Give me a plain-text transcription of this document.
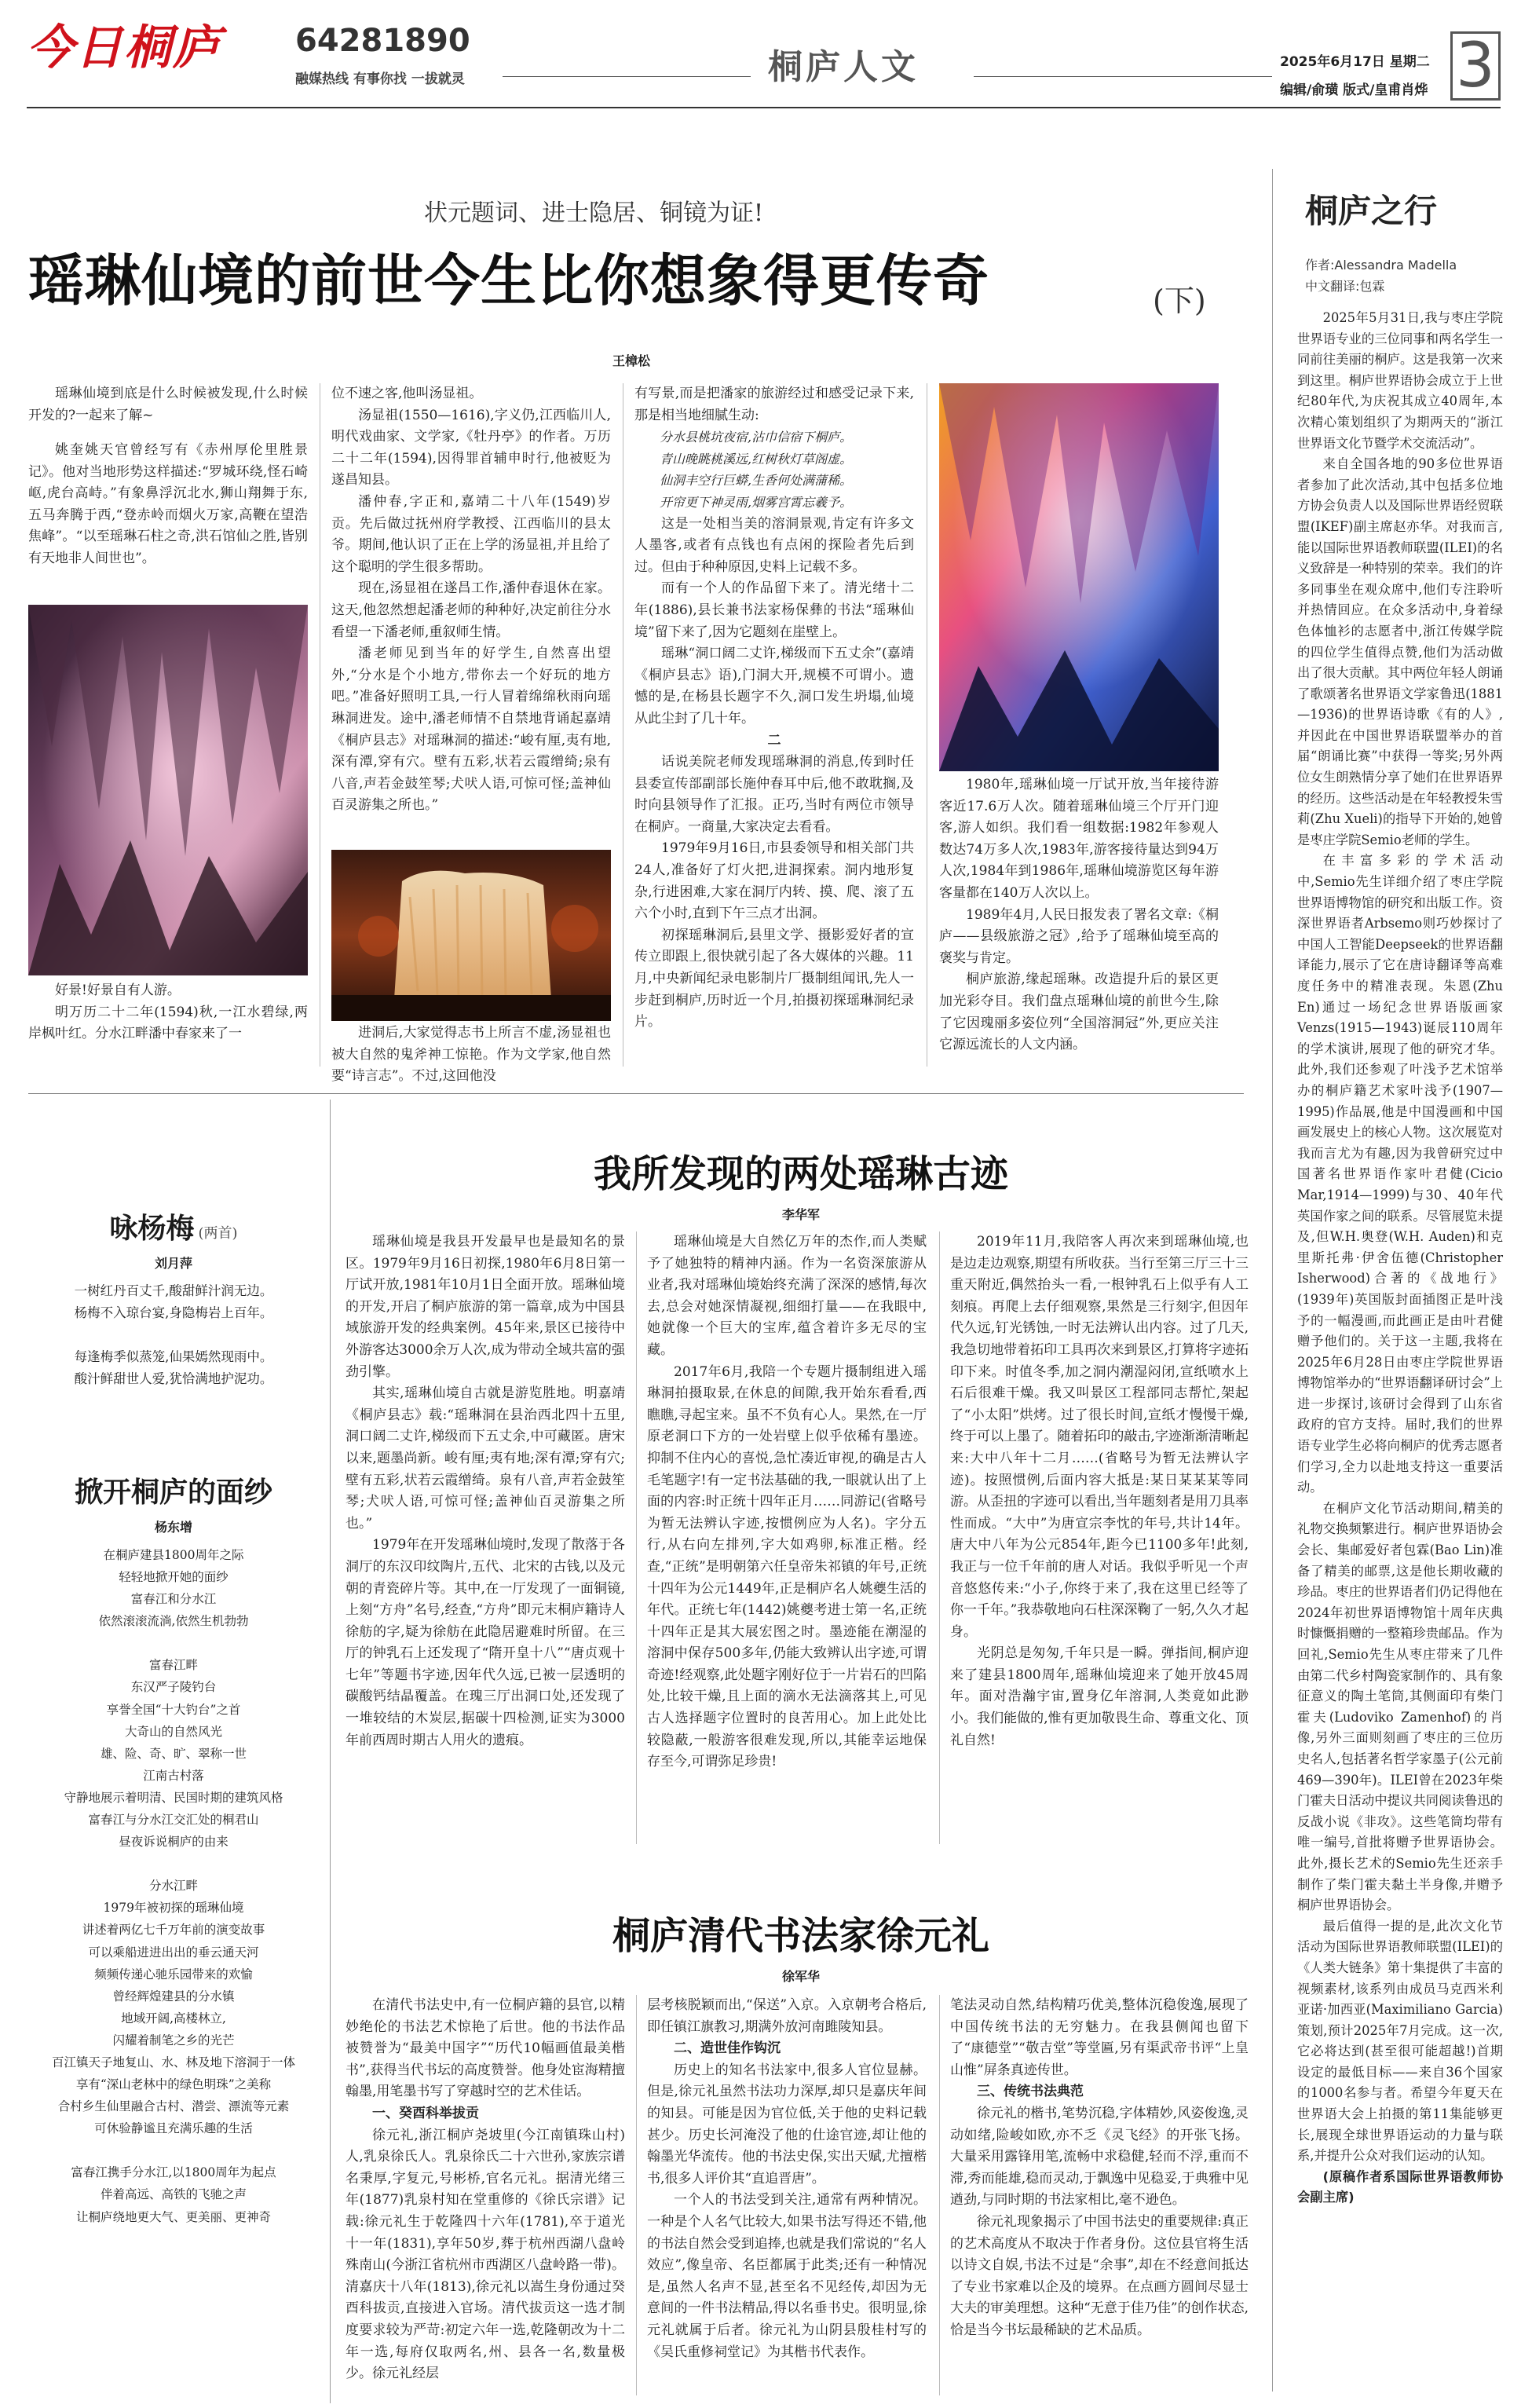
今日桐庐 64281890
融媒热线 有事你找 一拔就灵	桐庐人文	2025年6月17日 星期二
编辑/俞璜 版式/皇甫肖烨 3
状元题词、进士隐居、铜镜为证!
瑶琳仙境的前世今生比你想象得更传奇	(下)
王樟松

瑶琳仙境到底是什么时候被发现,什么时候开发的?一起来了解~

姚奎姚天官曾经写有《赤州厚伦里胜景记》。他对当地形势这样描述:“罗城环绕,怪石崎岖,虎台高峙。”有象鼻浮沉北水,狮山翔舞于东,五马奔腾于西,“登赤岭而烟火万家,高鞭在望浩焦峰”。“以至瑶琳石柱之奇,洪石馆仙之胜,皆别有天地非人间世也”。

好景!好景自有人游。

明万历二十二年(1594)秋,一江水碧绿,两岸枫叶红。分水江畔潘中春家来了一

位不速之客,他叫汤显祖。

汤显祖(1550—1616),字义仍,江西临川人,明代戏曲家、文学家,《牡丹亭》的作者。万历二十二年(1594),因得罪首辅申时行,他被贬为遂昌知县。

潘仲春,字正和,嘉靖二十八年(1549)岁贡。先后做过抚州府学教授、江西临川的县太爷。期间,他认识了正在上学的汤显祖,并且给了这个聪明的学生很多帮助。

现在,汤显祖在遂昌工作,潘仲春退休在家。这天,他忽然想起潘老师的种种好,决定前往分水看望一下潘老师,重叙师生情。

潘老师见到当年的好学生,自然喜出望外,“分水是个小地方,带你去一个好玩的地方吧。”准备好照明工具,一行人冒着绵绵秋雨向瑶琳洞进发。途中,潘老师情不自禁地背诵起嘉靖《桐庐县志》对瑶琳洞的描述:“峻有厘,夷有地,深有潭,穿有穴。壁有五彩,状若云霞缯绮;泉有八音,声若金鼓笙琴;犬吠人语,可惊可怪;盖神仙百灵游集之所也。”

进洞后,大家觉得志书上所言不虚,汤显祖也被大自然的鬼斧神工惊艳。作为文学家,他自然要“诗言志”。不过,这回他没

有写景,而是把潘家的旅游经过和感受记录下来,那是相当地细腻生动:

分水县桃坑夜宿,沾巾信宿下桐庐。
青山晚眺桃溪远,红树秋灯草阁虚。
仙洞丰空行巨蟒,生香何处满蒲稀。
开帘更下神灵雨,烟雾宫霄忘羲予。

这是一处相当美的溶洞景观,肯定有许多文人墨客,或者有点钱也有点闲的探险者先后到过。但由于种种原因,史料上记载不多。

而有一个人的作品留下来了。清光绪十二年(1886),县长兼书法家杨保彝的书法“瑶琳仙境”留下来了,因为它题刻在崖壁上。

瑶琳“洞口阔二丈许,梯级而下五丈余”(嘉靖《桐庐县志》语),门洞大开,规模不可谓小。遗憾的是,在杨县长题字不久,洞口发生坍塌,仙境从此尘封了几十年。

二

话说美院老师发现瑶琳洞的消息,传到时任县委宣传部副部长施仲春耳中后,他不敢耽搁,及时向县领导作了汇报。正巧,当时有两位市领导在桐庐。一商量,大家决定去看看。

1979年9月16日,市县委领导和相关部门共24人,准备好了灯火把,进洞探索。洞内地形复杂,行进困难,大家在洞厅内转、摸、爬、滚了五六个小时,直到下午三点才出洞。

初探瑶琳洞后,县里文学、摄影爱好者的宣传立即跟上,很快就引起了各大媒体的兴趣。11月,中央新闻纪录电影制片厂摄制组闻讯,先人一步赶到桐庐,历时近一个月,拍摄初探瑶琳洞纪录片。

1980年,瑶琳仙境一厅试开放,当年接待游客近17.6万人次。随着瑶琳仙境三个厅开门迎客,游人如织。我们看一组数据:1982年参观人数达74万多人次,1983年,游客接待量达到94万人次,1984年到1986年,瑶琳仙境游览区每年游客量都在140万人次以上。

1989年4月,人民日报发表了署名文章:《桐庐——县级旅游之冠》,给予了瑶琳仙境至高的褒奖与肯定。

桐庐旅游,缘起瑶琳。改造提升后的景区更加光彩夺目。我们盘点瑶琳仙境的前世今生,除了它因瑰丽多姿位列“全国溶洞冠”外,更应关注它源远流长的人文内涵。

桐庐之行
作者:Alessandra Madella
中文翻译:包霖

2025年5月31日,我与枣庄学院世界语专业的三位同事和两名学生一同前往美丽的桐庐。这是我第一次来到这里。桐庐世界语协会成立于上世纪80年代,为庆祝其成立40周年,本次精心策划组织了为期两天的“浙江世界语文化节暨学术交流活动”。

来自全国各地的90多位世界语者参加了此次活动,其中包括多位地方协会负责人以及国际世界语经贸联盟(IKEF)副主席赵亦华。对我而言,能以国际世界语教师联盟(ILEI)的名义致辞是一种特别的荣幸。我们的许多同事坐在观众席中,他们专注聆听并热情回应。在众多活动中,身着绿色体恤衫的志愿者中,浙江传媒学院的四位学生值得点赞,他们为活动做出了很大贡献。其中两位年轻人朗诵了歌颂著名世界语文学家鲁迅(1881—1936)的世界语诗歌《有的人》,并因此在中国世界语联盟举办的首届“朗诵比赛”中获得一等奖;另外两位女生朗熟情分享了她们在世界语界的经历。这些活动是在年轻教授朱雪莉(Zhu Xueli)的指导下开始的,她曾是枣庄学院Semio老师的学生。

在丰富多彩的学术活动中,Semio先生详细介绍了枣庄学院世界语博物馆的研究和出版工作。资深世界语者Arbsemo则巧妙探讨了中国人工智能Deepseek的世界语翻译能力,展示了它在唐诗翻译等高难度任务中的精准表现。朱恩(Zhu En)通过一场纪念世界语版画家Venzs(1915—1943)诞辰110周年的学术演讲,展现了他的研究才华。此外,我们还参观了叶浅予艺术馆举办的桐庐籍艺术家叶浅予(1907—1995)作品展,他是中国漫画和中国画发展史上的核心人物。这次展览对我而言尤为有趣,因为我曾研究过中国著名世界语作家叶君健(Cicio Mar,1914—1999)与30、40年代英国作家之间的联系。尽管展览未提及,但W.H.奥登(W.H. Auden)和克里斯托弗·伊舍伍德(Christopher Isherwood)合著的《战地行》(1939年)英国版封面插图正是叶浅予的一幅漫画,而此画正是由叶君健赠予他们的。关于这一主题,我将在2025年6月28日由枣庄学院世界语博物馆举办的“世界语翻译研讨会”上进一步探讨,该研讨会得到了山东省政府的官方支持。届时,我们的世界语专业学生必将向桐庐的优秀志愿者们学习,全力以赴地支持这一重要活动。

在桐庐文化节活动期间,精美的礼物交换频繁进行。桐庐世界语协会会长、集邮爱好者包霖(Bao Lin)准备了精美的邮票,这是他长期收藏的珍品。枣庄的世界语者们仍记得他在2024年初世界语博物馆十周年庆典时慷慨捐赠的一整箱珍贵邮品。作为回礼,Semio先生从枣庄带来了几件由第二代乡村陶瓷家制作的、具有象征意义的陶土笔筒,其侧面印有柴门霍夫(Ludoviko Zamenhof)的肖像,另外三面则刻画了枣庄的三位历史名人,包括著名哲学家墨子(公元前469—390年)。ILEI曾在2023年柴门霍夫日活动中提议共同阅读鲁迅的反战小说《非攻》。这些笔筒均带有唯一编号,首批将赠予世界语协会。此外,摄长艺术的Semio先生还亲手制作了柴门霍夫黏土半身像,并赠予桐庐世界语协会。

最后值得一提的是,此次文化节活动为国际世界语教师联盟(ILEI)的《人类大链条》第十集提供了丰富的视频素材,该系列由成员马克西米利亚诺·加西亚(Maximiliano Garcia)策划,预计2025年7月完成。这一次,它必将达到(甚至很可能超越!)首期设定的最低目标——来自36个国家的1000名参与者。希望今年夏天在世界语大会上拍摄的第11集能够更长,展现全球世界语运动的力量与联系,并提升公众对我们运动的认知。

(原稿作者系国际世界语教师协会副主席)

咏杨梅 (两首)
刘月萍
一树红丹百丈千,酸甜鲜汁润无边。
杨梅不入琼台宴,身隐梅岩上百年。
每逢梅季似蒸笼,仙果嫣然现雨中。
酸汁鲜甜世人爱,犹恰满地护泥功。
掀开桐庐的面纱
杨东增
在桐庐建县1800周年之际
轻轻地掀开她的面纱
富春江和分水江
依然滚滚流淌,依然生机勃勃
富春江畔
东汉严子陵钓台
享誉全国“十大钓台”之首
大奇山的自然风光
雄、险、奇、旷、翠称一世
江南古村落
守静地展示着明清、民国时期的建筑风格
富春江与分水江交汇处的桐君山
昼夜诉说桐庐的由来
分水江畔
1979年被初探的瑶琳仙境
讲述着两亿七千万年前的演变故事
可以乘船进进出出的垂云通天河
频频传递心驰乐园带来的欢愉
曾经辉煌建县的分水镇
地域开阔,高楼林立,
闪耀着制笔之乡的光芒
百江镇天子地复山、水、林及地下溶洞于一体
享有“深山老林中的绿色明珠”之美称
合村乡生仙里融合古村、潜尝、漂流等元素
可休验静谧且充满乐趣的生活
富春江携手分水江,以1800周年为起点
伴着高远、高铁的飞驰之声
让桐庐绕地更大气、更美丽、更神奇
我所发现的两处瑶琳古迹
李华军

瑶琳仙境是我县开发最早也是最知名的景区。1979年9月16日初探,1980年6月8日第一厅试开放,1981年10月1日全面开放。瑶琳仙境的开发,开启了桐庐旅游的第一篇章,成为中国县域旅游开发的经典案例。45年来,景区已接待中外游客达3000余万人次,成为带动全域共富的强劲引擎。

其实,瑶琳仙境自古就是游览胜地。明嘉靖《桐庐县志》载:“瑶琳洞在县治西北四十五里,洞口阔二丈许,梯级而下五丈余,中可藏匿。唐宋以来,题墨尚新。峻有厘;夷有地;深有潭;穿有穴;壁有五彩,状若云霞缯绮。泉有八音,声若金鼓笙琴;犬吠人语,可惊可怪;盖神仙百灵游集之所也。”

1979年在开发瑶琳仙境时,发现了散落于各洞厅的东汉印纹陶片,五代、北宋的古钱,以及元朝的青瓷碎片等。其中,在一厅发现了一面铜镜,上刻“方舟”名号,经查,“方舟”即元末桐庐籍诗人徐舫的字,疑为徐舫在此隐居避难时所留。在三厅的钟乳石上还发现了“隋开皇十八”“唐贞观十七年”等题书字迹,因年代久远,已被一层透明的碳酸钙结晶覆盖。在瑰三厅出洞口处,还发现了一堆较结的木炭层,据碳十四检测,证实为3000年前西周时期古人用火的遗痕。

瑶琳仙境是大自然亿万年的杰作,而人类赋予了她独特的精神内涵。作为一名资深旅游从业者,我对瑶琳仙境始终充满了深深的感情,每次去,总会对她深情凝视,细细打量——在我眼中,她就像一个巨大的宝库,蕴含着许多无尽的宝藏。

2017年6月,我陪一个专题片摄制组进入瑶琳洞拍摄取景,在休息的间隙,我开始东看看,西瞧瞧,寻起宝来。虽不不负有心人。果然,在一厅原老洞口下方的一处岩壁上似乎依稀有墨迹。抑制不住内心的喜悦,急忙凑近审视,的确是古人毛笔题字!有一定书法基础的我,一眼就认出了上面的内容:时正统十四年正月……同游记(省略号为暂无法辨认字迹,按惯例应为人名)。字分五行,从右向左排列,字大如鸡卵,标准正楷。经查,“正统”是明朝第六任皇帝朱祁镇的年号,正统十四年为公元1449年,正是桐庐名人姚夔生活的年代。正统七年(1442)姚夔考进士第一名,正统十四年正是其大展宏图之时。墨迹能在潮湿的溶洞中保存500多年,仍能大致辨认出字迹,可谓奇迹!经观察,此处题字刚好位于一片岩石的凹陷处,比较干燥,且上面的滴水无法滴落其上,可见古人选择题字位置时的良苦用心。加上此处比较隐蔽,一般游客很难发现,所以,其能幸运地保存至今,可谓弥足珍贵!

2019年11月,我陪客人再次来到瑶琳仙境,也是边走边观察,期望有所收获。当行至第三厅三十三重天附近,偶然抬头一看,一根钟乳石上似乎有人工刻痕。再爬上去仔细观察,果然是三行刻字,但因年代久远,钉光锈蚀,一时无法辨认出内容。过了几天,我急切地带着拓印工具再次来到景区,打算将字迹拓印下来。时值冬季,加之洞内潮湿闷闭,宣纸喷水上石后很难干燥。我又叫景区工程部同志帮忙,架起了“小太阳”烘烤。过了很长时间,宣纸才慢慢干燥,终于可以上墨了。随着拓印的敲击,字迹渐渐清晰起来:大中八年十二月……(省略号为暂无法辨认字迹)。按照惯例,后面内容大抵是:某日某某某等同游。从歪扭的字迹可以看出,当年题刻者是用刀具率性而成。“大中”为唐宣宗李忱的年号,共计14年。唐大中八年为公元854年,距今已1100多年!此刻,我正与一位千年前的唐人对话。我似乎听见一个声音悠悠传来:“小子,你终于来了,我在这里已经等了你一千年。”我恭敬地向石柱深深鞠了一躬,久久才起身。

光阴总是匆匆,千年只是一瞬。弹指间,桐庐迎来了建县1800周年,瑶琳仙境迎来了她开放45周年。面对浩瀚宇宙,置身亿年溶洞,人类竟如此渺小。我们能做的,惟有更加敬畏生命、尊重文化、顶礼自然!

桐庐清代书法家徐元礼
徐军华

在清代书法史中,有一位桐庐籍的县官,以精妙绝伦的书法艺术惊艳了后世。他的书法作品被赞誉为“最美中国字”“历代10幅画值最美楷书”,获得当代书坛的高度赞誉。他身处宦海精擅翰墨,用笔墨书写了穿越时空的艺术佳话。

一、癸酉科举拔贡

徐元礼,浙江桐庐尧坡里(今江南镇珠山村)人,乳泉徐氏人。乳泉徐氏二十六世孙,家族宗谱名秉厚,字复元,号彬桥,官名元礼。据清光绪三年(1877)乳泉村知在堂重修的《徐氏宗谱》记载:徐元礼生于乾隆四十六年(1781),卒于道光十一年(1831),享年50岁,葬于杭州西湖八盘岭殊南山(今浙江省杭州市西湖区八盘岭路一带)。清嘉庆十八年(1813),徐元礼以嵩生身份通过癸酉科拔贡,直接进入官场。清代拔贡这一选才制度要求较为严苛:初定六年一选,乾隆朝改为十二年一选,每府仅取两名,州、县各一名,数量极少。徐元礼经层

层考核脱颖而出,“保送”入京。入京朝考合格后,即任镇江旗教习,期满外放河南雎陵知县。

二、造世佳作钩沉

历史上的知名书法家中,很多人官位显赫。但是,徐元礼虽然书法功力深厚,却只是嘉庆年间的知县。可能是因为官位低,关于他的史料记载甚少。历史长河淹没了他的仕途官迹,却让他的翰墨光华流传。他的书法史保,实出天赋,尤擅楷书,很多人评价其“直追晋唐”。

一个人的书法受到关注,通常有两种情况。一种是个人名气比较大,如果书法写得还不错,他的书法自然会受到追捧,也就是我们常说的“名人效应”,像皇帝、名臣都属于此类;还有一种情况是,虽然人名声不显,甚至名不见经传,却因为无意间的一件书法精品,得以名垂书史。很明显,徐元礼就属于后者。徐元礼为山阴县殷桂村写的《吴氏重修祠堂记》为其楷书代表作。

笔法灵动自然,结构精巧优美,整体沉稳俊逸,展现了中国传统书法的无穷魅力。在我县侧闻也留下了“康德堂”“敬吉堂”等堂匾,另有渠武帝书评“上皇山惟”屏条真迹传世。

三、传统书法典范

徐元礼的楷书,笔势沉稳,字体精妙,风姿俊逸,灵动如绪,险峻如欧,亦不乏《灵飞经》的开张飞扬。大量采用露锋用笔,流畅中求稳健,轻而不浮,重而不滞,秀而能雄,稳而灵动,于飘逸中见稳妥,于典雅中见遒劲,与同时期的书法家相比,毫不逊色。

徐元礼现象揭示了中国书法史的重要规律:真正的艺术高度从不取决于作者身份。这位县官将生活以诗文自娱,书法不过是“余事”,却在不经意间抵达了专业书家难以企及的境界。在点画方圆间尽显士大夫的审美理想。这种“无意于佳乃佳”的创作状态,恰是当今书坛最稀缺的艺术品质。
